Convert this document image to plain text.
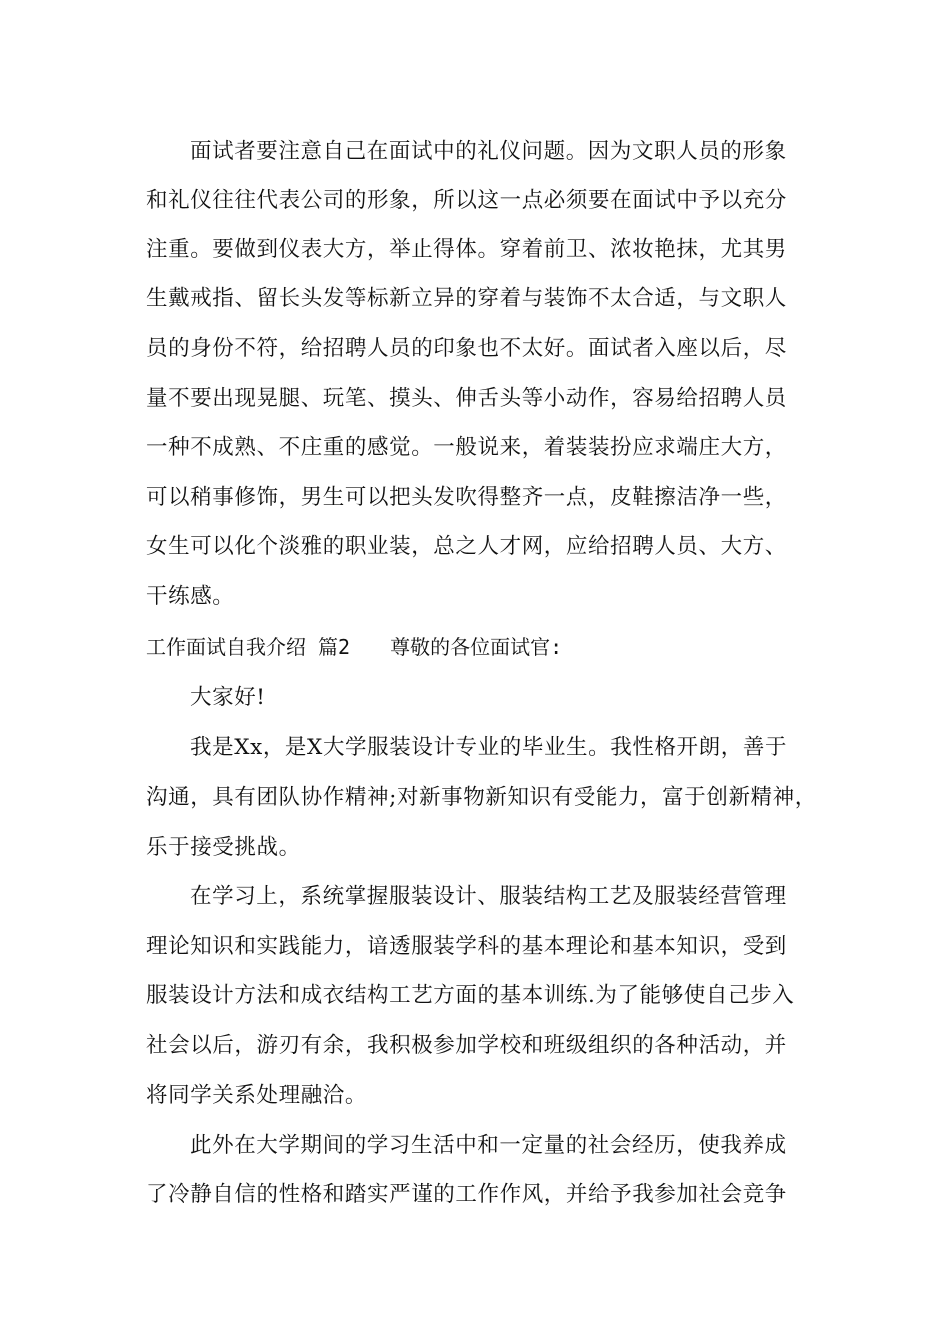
面试者要注意自己在面试中的礼仪问题。因为文职人员的形象
和礼仪往往代表公司的形象，所以这一点必须要在面试中予以充分
注重。要做到仪表大方，举止得体。穿着前卫、浓妆艳抹，尤其男
生戴戒指、留长头发等标新立异的穿着与装饰不太合适，与文职人
员的身份不符，给招聘人员的印象也不太好。面试者入座以后，尽
量不要出现晃腿、玩笔、摸头、伸舌头等小动作，容易给招聘人员
一种不成熟、不庄重的感觉。一般说来，着装装扮应求端庄大方，
可以稍事修饰，男生可以把头发吹得整齐一点，皮鞋擦洁净一些，
女生可以化个淡雅的职业装，总之人才网，应给招聘人员、大方、
干练感。
工作面试自我介绍 篇2 尊敬的各位面试官:
大家好!
我是Xx，是X大学服装设计专业的毕业生。我性格开朗，善于
沟通，具有团队协作精神;对新事物新知识有受能力，富于创新精神，
乐于接受挑战。
在学习上，系统掌握服装设计、服装结构工艺及服装经营管理
理论知识和实践能力，谙透服装学科的基本理论和基本知识，受到
服装设计方法和成衣结构工艺方面的基本训练.为了能够使自己步入
社会以后，游刃有余，我积极参加学校和班级组织的各种活动，并
将同学关系处理融洽。
此外在大学期间的学习生活中和一定量的社会经历，使我养成
了冷静自信的性格和踏实严谨的工作作风，并给予我参加社会竞争
